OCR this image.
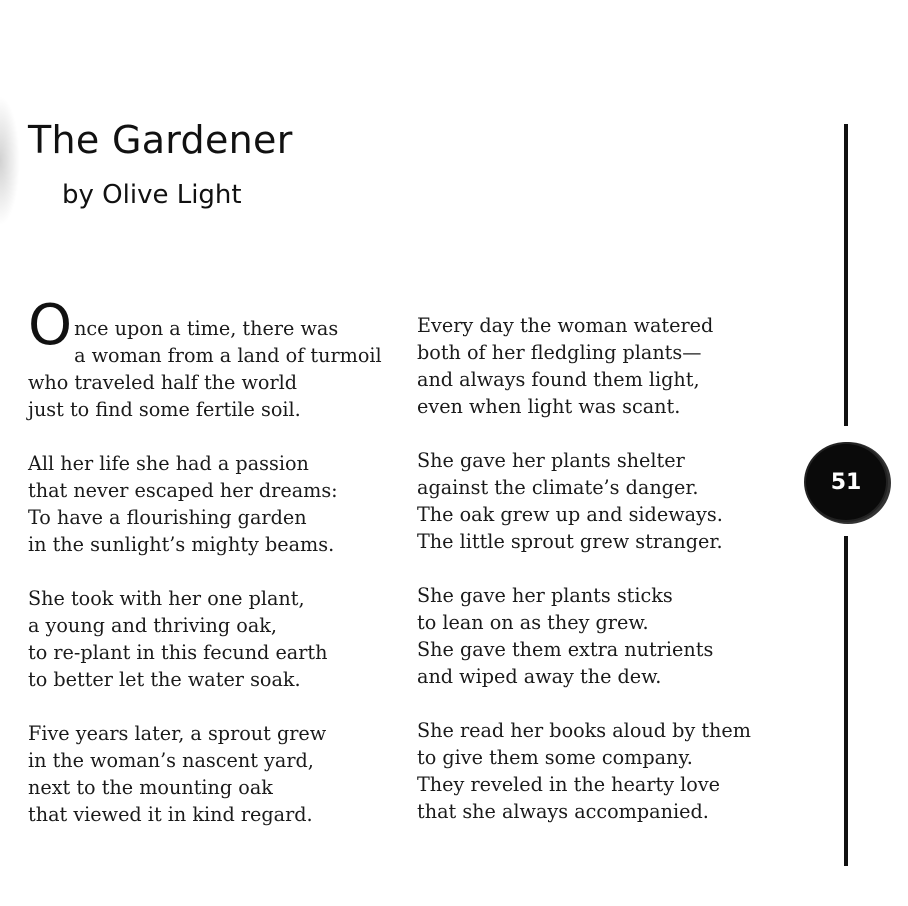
The Gardener
by Olive Light
O nce upon a time, there was
a woman from a land of turmoil
who traveled half the world
just to find some fertile soil.
All her life she had a passion
that never escaped her dreams:
To have a flourishing garden
in the sunlight’s mighty beams.
She took with her one plant,
a young and thriving oak,
to re-plant in this fecund earth
to better let the water soak.
Five years later, a sprout grew
in the woman’s nascent yard,
next to the mounting oak
that viewed it in kind regard.
Every day the woman watered
both of her fledgling plants—
and always found them light,
even when light was scant.
She gave her plants shelter
against the climate’s danger.
The oak grew up and sideways.
The little sprout grew stranger.
She gave her plants sticks
to lean on as they grew.
She gave them extra nutrients
and wiped away the dew.
She read her books aloud by them
to give them some company.
They reveled in the hearty love
that she always accompanied.
51
